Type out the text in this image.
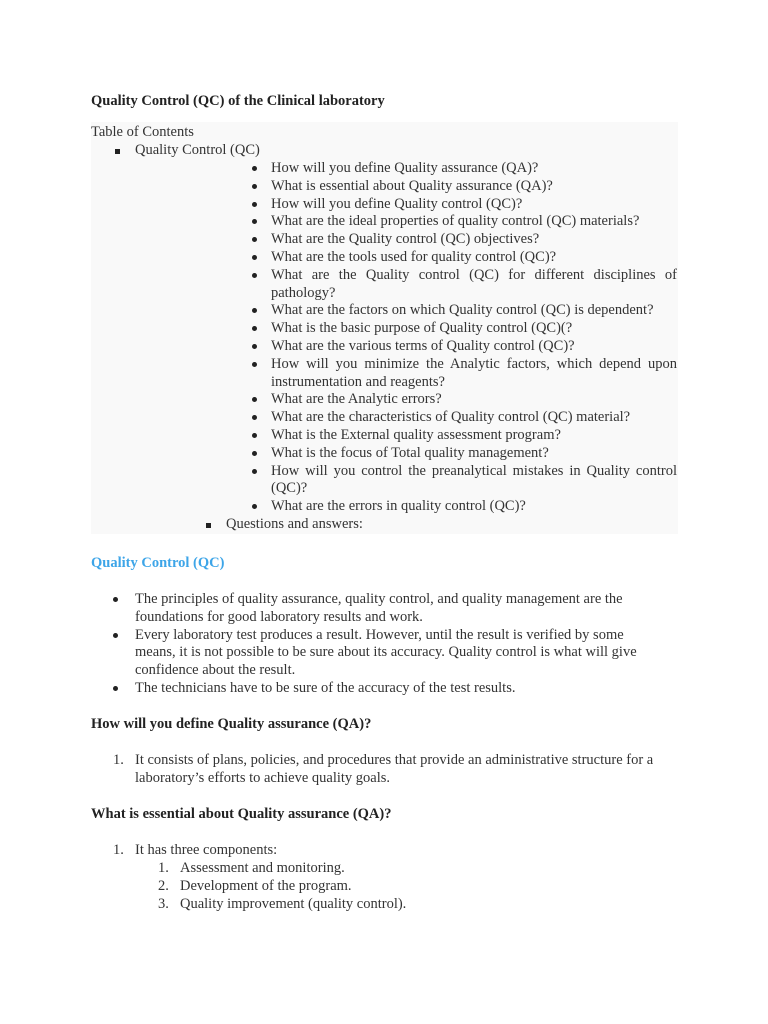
Quality Control (QC) of the Clinical laboratory
Table of Contents
Quality Control (QC)
How will you define Quality assurance (QA)?
What is essential about Quality assurance (QA)?
How will you define Quality control (QC)?
What are the ideal properties of quality control (QC) materials?
What are the Quality control (QC) objectives?
What are the tools used for quality control (QC)?
What are the Quality control (QC) for different disciplines of pathology?
What are the factors on which Quality control (QC) is dependent?
What is the basic purpose of Quality control (QC)(?
What are the various terms of Quality control (QC)?
How will you minimize the Analytic factors, which depend upon instrumentation and reagents?
What are the Analytic errors?
What are the characteristics of Quality control (QC) material?
What is the External quality assessment program?
What is the focus of Total quality management?
How will you control the preanalytical mistakes in Quality control (QC)?
What are the errors in quality control (QC)?
Questions and answers:
Quality Control (QC)
The principles of quality assurance, quality control, and quality management are the foundations for good laboratory results and work.
Every laboratory test produces a result. However, until the result is verified by some means, it is not possible to be sure about its accuracy. Quality control is what will give confidence about the result.
The technicians have to be sure of the accuracy of the test results.
How will you define Quality assurance (QA)?
1. It consists of plans, policies, and procedures that provide an administrative structure for a laboratory’s efforts to achieve quality goals.
What is essential about Quality assurance (QA)?
1. It has three components:
1. Assessment and monitoring.
2. Development of the program.
3. Quality improvement (quality control).
